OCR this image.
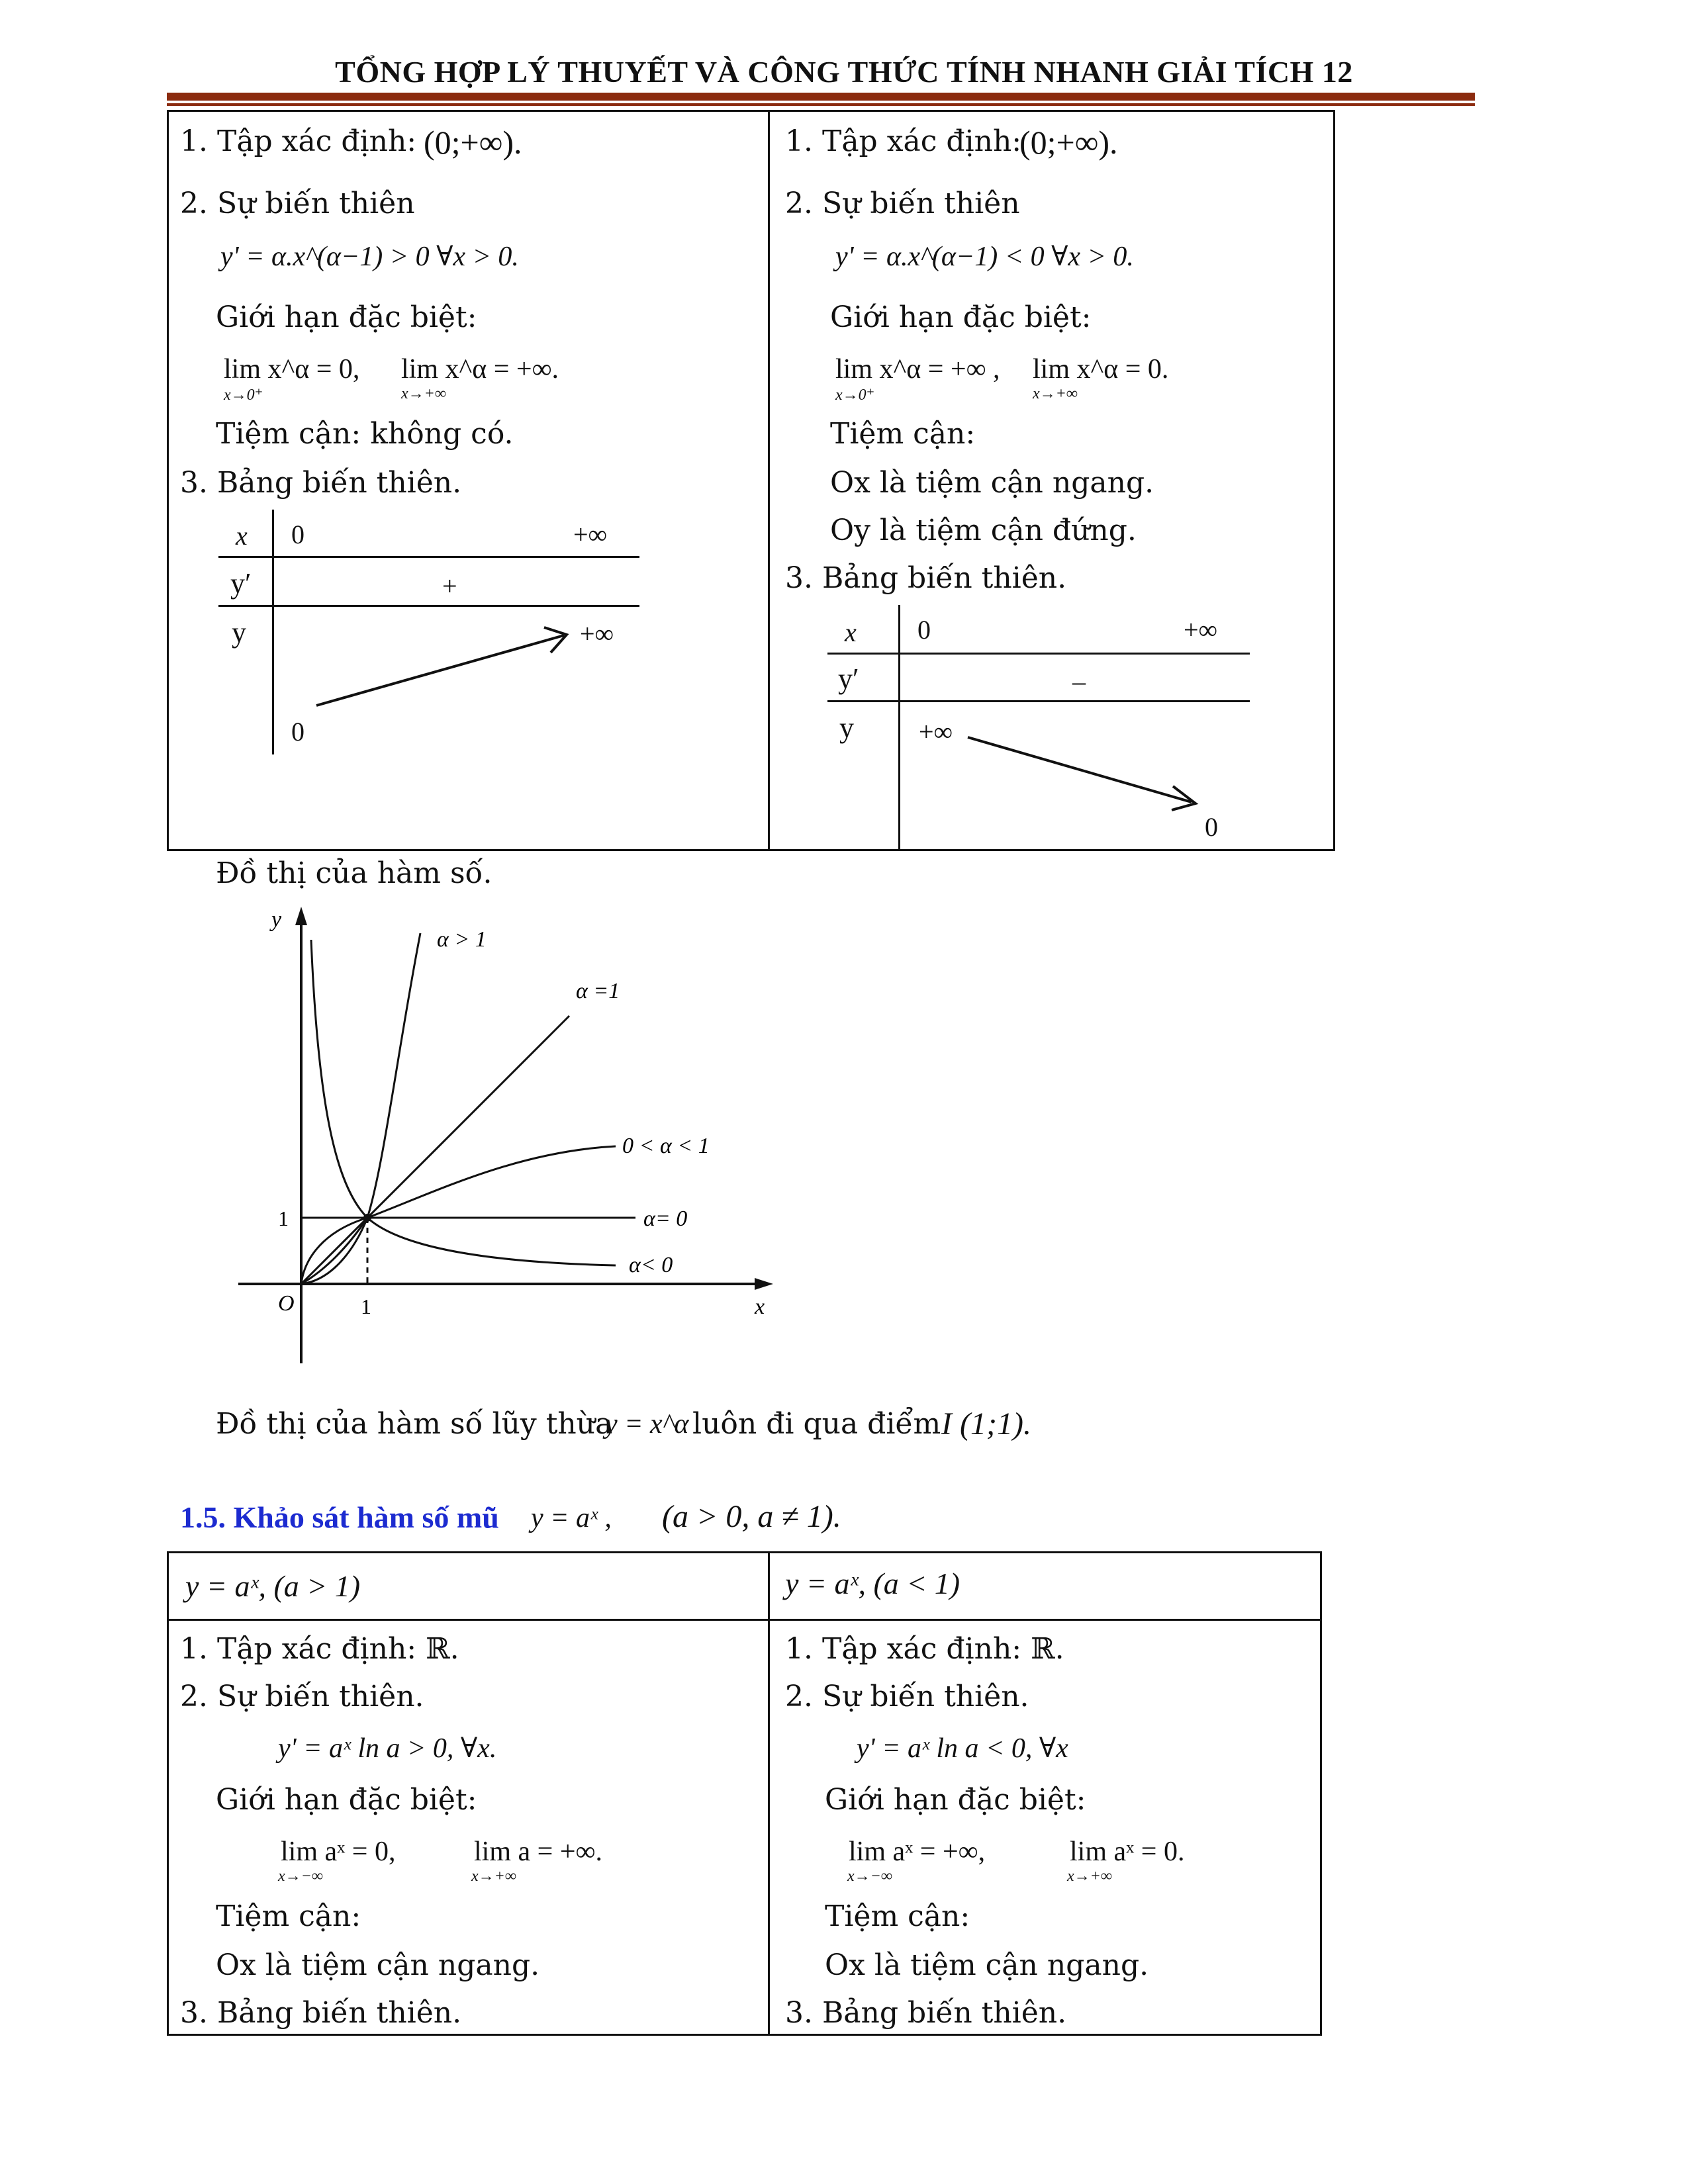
TỔNG HỢP LÝ THUYẾT VÀ CÔNG THỨC TÍNH NHANH GIẢI TÍCH 12
1. Tập xác định: (0;+∞).
2. Sự biến thiên
y' = α.x^(α−1) > 0 ∀x > 0.
Giới hạn đặc biệt:
lim x^α = 0,
x→0⁺
lim x^α = +∞.
x→+∞
Tiệm cận: không có.
3. Bảng biến thiên.
x 0	+∞
y′	+
y	+∞
0
1. Tập xác định:
(0;+∞).
2. Sự biến thiên
y' = α.x^(α−1) < 0 ∀x > 0.
Giới hạn đặc biệt:
lim x^α = +∞ ,
x→0⁺
lim x^α = 0.
x→+∞
Tiệm cận:
Ox là tiệm cận ngang.
Oy là tiệm cận đứng.
3. Bảng biến thiên.
x 0	+∞
y′	–
y +∞
0
Đồ thị của hàm số.
y
x
O	1
1
α > 1
α =1
0 < α < 1
α= 0
α< 0
Đồ thị của hàm số lũy thừa
y = x^α luôn đi qua điểm I (1;1).
1.5. Khảo sát hàm số mũ y = aˣ , (a > 0, a ≠ 1).
y = aˣ, (a > 1)	y = aˣ, (a < 1)
1. Tập xác định: ℝ.
2. Sự biến thiên.
y' = aˣ ln a > 0, ∀x.
Giới hạn đặc biệt:
lim aˣ = 0,
x→−∞
lim a = +∞.
x→+∞
Tiệm cận:
Ox là tiệm cận ngang.
3. Bảng biến thiên.
1. Tập xác định: ℝ.
2. Sự biến thiên.
y' = aˣ ln a < 0, ∀x
Giới hạn đặc biệt:
lim aˣ = +∞,
x→−∞
lim aˣ = 0.
x→+∞
Tiệm cận:
Ox là tiệm cận ngang.
3. Bảng biến thiên.
